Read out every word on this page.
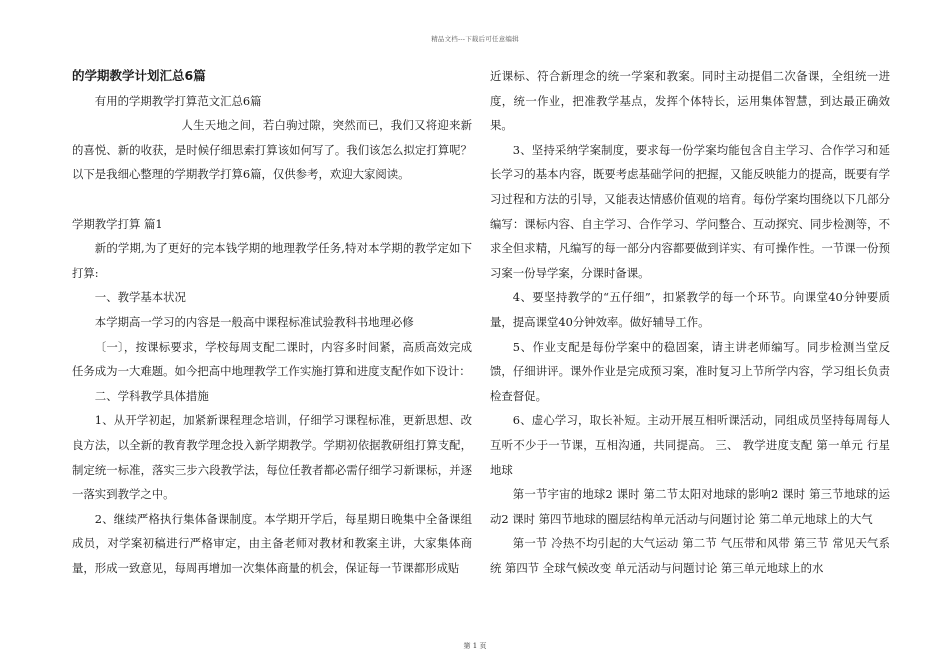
精品文档---下载后可任意编辑

的学期教学计划汇总6篇

有用的学期教学打算范文汇总6篇

人生天地之间，若白驹过隙，突然而已，我们又将迎来新的喜悦、新的收获，是时候仔细思索打算该如何写了。我们该怎么拟定打算呢？以下是我细心整理的学期教学打算6篇，仅供参考，欢迎大家阅读。

学期教学打算 篇1

新的学期,为了更好的完本钱学期的地理教学任务,特对本学期的教学定如下打算:

一、教学基本状况

本学期高一学习的内容是一般高中课程标准试验教科书地理必修

〔一〕，按课标要求，学校每周支配二课时，内容多时间紧，高质高效完成任务成为一大难题。如今把高中地理教学工作实施打算和进度支配作如下设计：

二、学科教学具体措施

1、从开学初起，加紧新课程理念培训，仔细学习课程标准，更新思想、改良方法，以全新的教育教学理念投入新学期教学。学期初依据教研组打算支配，制定统一标准，落实三步六段教学法，每位任教者都必需仔细学习新课标，并逐一落实到教学之中。

2、继续严格执行集体备课制度。本学期开学后，每星期日晚集中全备课组成员，对学案初稿进行严格审定，由主备老师对教材和教案主讲，大家集体商量，形成一致意见，每周再增加一次集体商量的机会，保证每一节课都形成贴

近课标、符合新理念的统一学案和教案。同时主动提倡二次备课，全组统一进度，统一作业，把准教学基点，发挥个体特长，运用集体智慧，到达最正确效果。

3、坚持采纳学案制度，要求每一份学案均能包含自主学习、合作学习和延长学习的基本内容，既要考虑基础学问的把握，又能反映能力的提高，既要有学习过程和方法的引导，又能表达情感价值观的培育。每份学案均围绕以下几部分编写：课标内容、自主学习、合作学习、学问整合、互动探究、同步检测等，不求全但求精，凡编写的每一部分内容都要做到详实、有可操作性。一节课一份预习案一份导学案，分课时备课。

4、要坚持教学的“五仔细”，扣紧教学的每一个环节。向课堂40分钟要质量，提高课堂40分钟效率。做好辅导工作。

5、作业支配是每份学案中的稳固案，请主讲老师编写。同步检测当堂反馈，仔细讲评。课外作业是完成预习案，准时复习上节所学内容，学习组长负责检查督促。

6、虚心学习，取长补短。主动开展互相听课活动，同组成员坚持每周每人互听不少于一节课，互相沟通，共同提高。 三、 教学进度支配 第一单元 行星地球

第一节宇宙的地球2 课时 第二节太阳对地球的影响2 课时 第三节地球的运动2 课时 第四节地球的圈层结构单元活动与问题讨论 第二单元地球上的大气

第一节 冷热不均引起的大气运动 第二节 气压带和风带 第三节 常见天气系统 第四节 全球气候改变 单元活动与问题讨论 第三单元地球上的水

第 1 页
